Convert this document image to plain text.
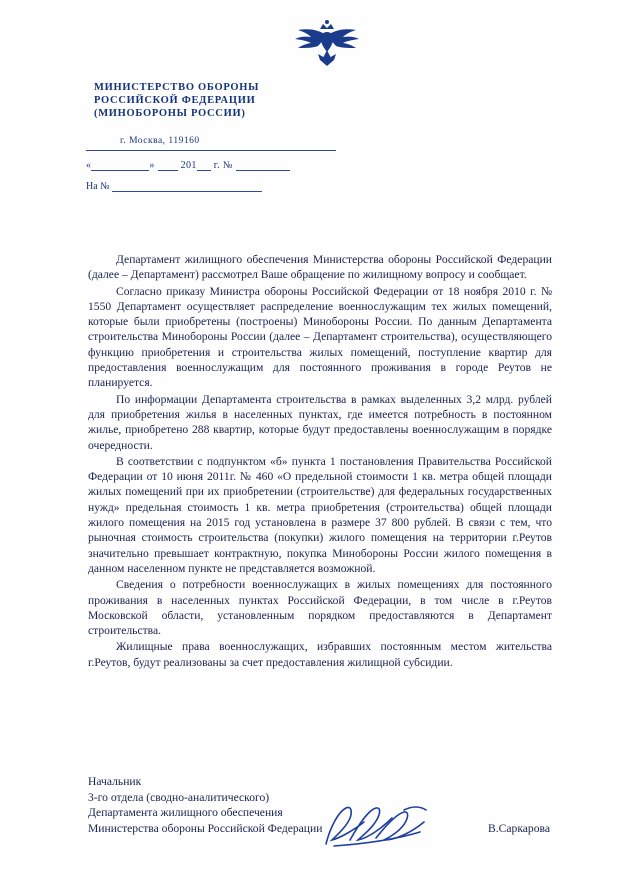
МИНИСТЕРСТВО ОБОРОНЫ
РОССИЙСКОЙ ФЕДЕРАЦИИ
(МИНОБОРОНЫ РОССИИ)
г. Москва, 119160
«	»	201 г. №
На №

Департамент жилищного обеспечения Министерства обороны Российской Федерации (далее – Департамент) рассмотрел Ваше обращение по жилищному вопросу и сообщает.

Согласно приказу Министра обороны Российской Федерации от 18 ноября 2010 г. № 1550 Департамент осуществляет распределение военнослужащим тех жилых помещений, которые были приобретены (построены) Минобороны России. По данным Департамента строительства Минобороны России (далее – Департамент строительства), осуществляющего функцию приобретения и строительства жилых помещений, поступление квартир для предоставления военнослужащим для постоянного проживания в городе Реутов не планируется.

По информации Департамента строительства в рамках выделенных 3,2 млрд. рублей для приобретения жилья в населенных пунктах, где имеется потребность в постоянном жилье, приобретено 288 квартир, которые будут предоставлены военнослужащим в порядке очередности.

В соответствии с подпунктом «б» пункта 1 постановления Правительства Российской Федерации от 10 июня 2011г. № 460 «О предельной стоимости 1 кв. метра общей площади жилых помещений при их приобретении (строительстве) для федеральных государственных нужд» предельная стоимость 1 кв. метра приобретения (строительства) общей площади жилого помещения на 2015 год установлена в размере 37 800 рублей. В связи с тем, что рыночная стоимость строительства (покупки) жилого помещения на территории г.Реутов значительно превышает контрактную, покупка Минобороны России жилого помещения в данном населенном пункте не представляется возможной.

Сведения о потребности военнослужащих в жилых помещениях для постоянного проживания в населенных пунктах Российской Федерации, в том числе в г.Реутов Московской области, установленным порядком предоставляются в Департамент строительства.

Жилищные права военнослужащих, избравших постоянным местом жительства г.Реутов, будут реализованы за счет предоставления жилищной субсидии.

Начальник
3-го отдела (сводно-аналитического)
Департамента жилищного обеспечения
Министерства обороны Российской Федерации	В.Саркарова
